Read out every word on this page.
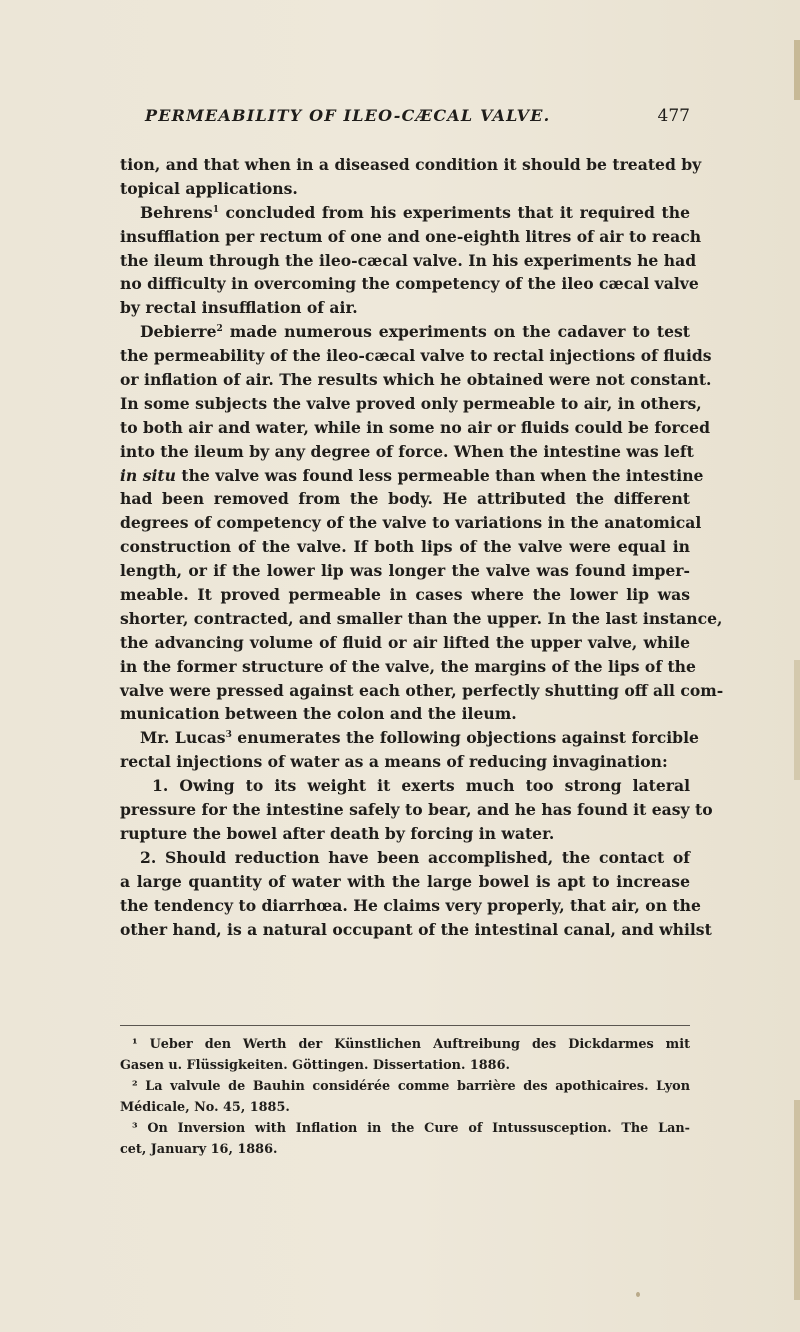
PERMEABILITY OF ILEO-CÆCAL VALVE.	477
tion, and that when in a diseased condition it should be treated by
topical applications.
Behrens$^1$ concluded from his experiments that it required the
insufflation per rectum of one and one-eighth litres of air to reach
the ileum through the ileo-cæcal valve. In his experiments he had
no difficulty in overcoming the competency of the ileo cæcal valve
by rectal insufflation of air.
Debierre$^2$ made numerous experiments on the cadaver to test
the permeability of the ileo-cæcal valve to rectal injections of fluids
or inflation of air. The results which he obtained were not constant.
In some subjects the valve proved only permeable to air, in others,
to both air and water, while in some no air or fluids could be forced
into the ileum by any degree of force. When the intestine was left
in situ the valve was found less permeable than when the intestine
had been removed from the body. He attributed the different
degrees of competency of the valve to variations in the anatomical
construction of the valve. If both lips of the valve were equal in
length, or if the lower lip was longer the valve was found imper-
meable. It proved permeable in cases where the lower lip was
shorter, contracted, and smaller than the upper. In the last instance,
the advancing volume of fluid or air lifted the upper valve, while
in the former structure of the valve, the margins of the lips of the
valve were pressed against each other, perfectly shutting off all com-
munication between the colon and the ileum.
Mr. Lucas$^3$ enumerates the following objections against forcible
rectal injections of water as a means of reducing invagination:
1. Owing to its weight it exerts much too strong lateral
pressure for the intestine safely to bear, and he has found it easy to
rupture the bowel after death by forcing in water.
2. Should reduction have been accomplished, the contact of
a large quantity of water with the large bowel is apt to increase
the tendency to diarrhœa. He claims very properly, that air, on the
other hand, is a natural occupant of the intestinal canal, and whilst
¹ Ueber den Werth der Künstlichen Auftreibung des Dickdarmes mit
Gasen u. Flüssigkeiten. Göttingen. Dissertation. 1886.
² La valvule de Bauhin considérée comme barrière des apothicaires. Lyon
Médicale, No. 45, 1885.
³ On Inversion with Inflation in the Cure of Intussusception. The Lan-
cet, January 16, 1886.
